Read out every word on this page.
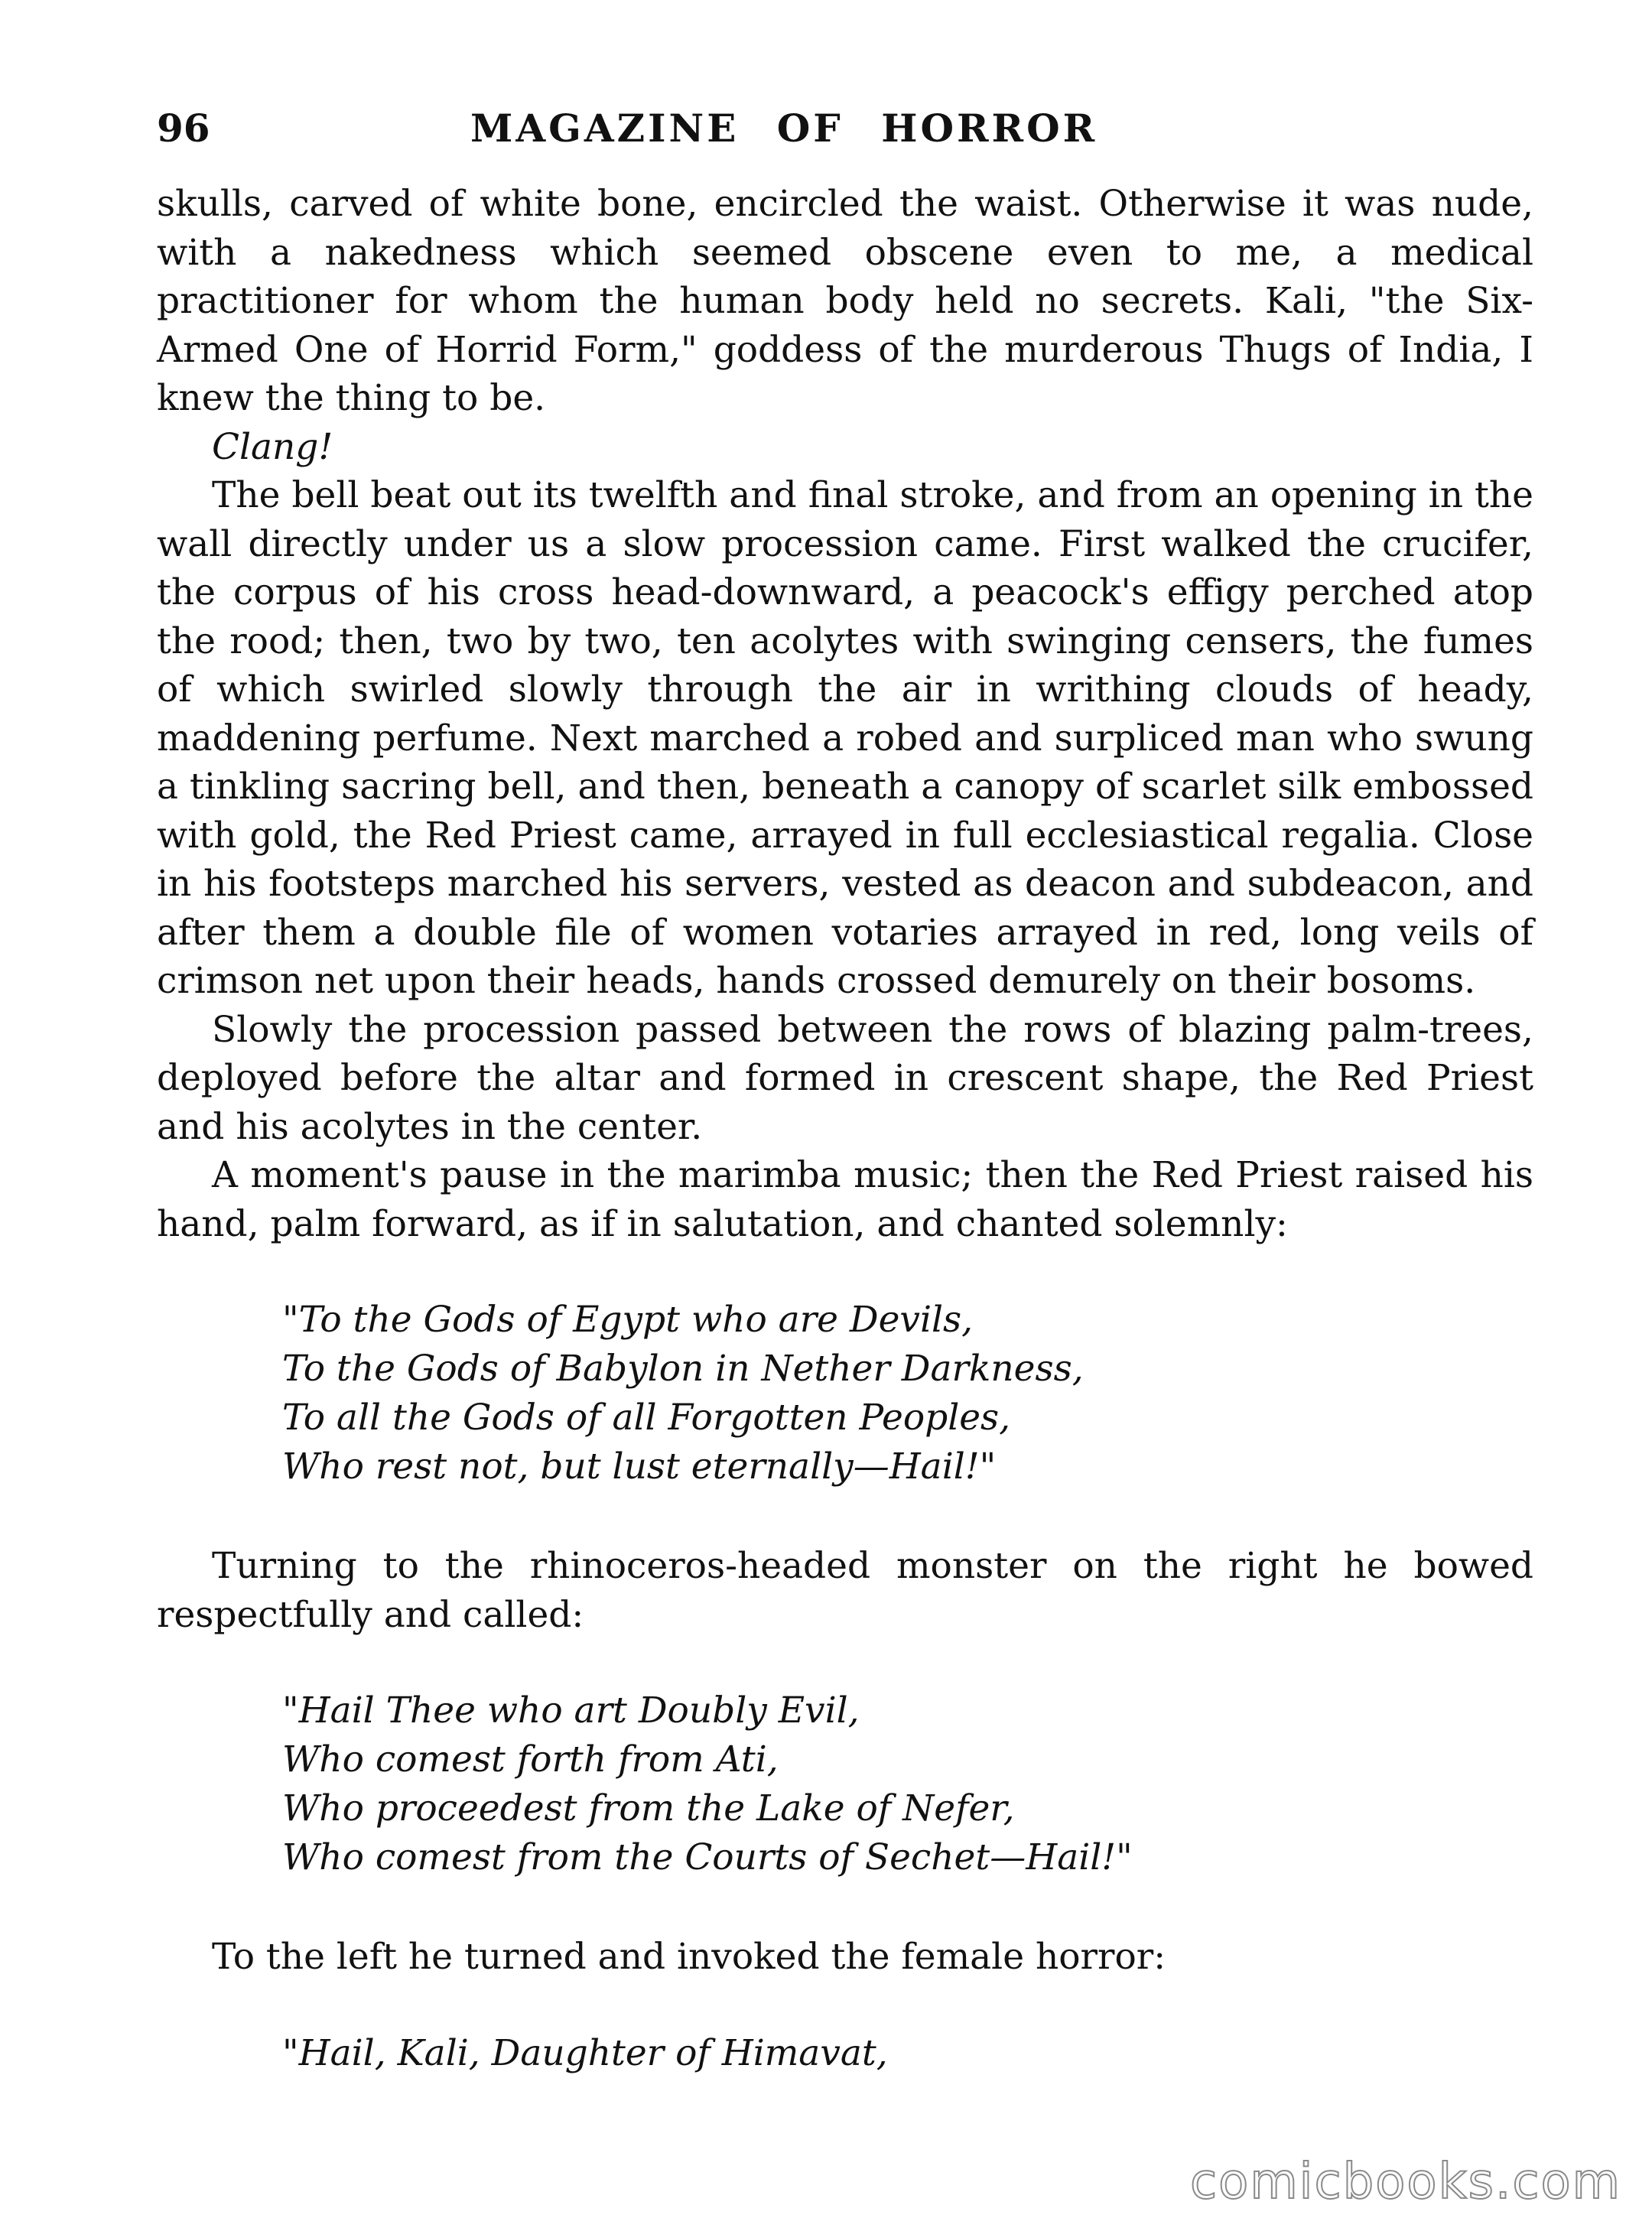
96	MAGAZINE OF HORROR

skulls, carved of white bone, encircled the waist. Otherwise it was nude, with a nakedness which seemed obscene even to me, a medical practitioner for whom the human body held no secrets. Kali, "the Six-Armed One of Horrid Form," goddess of the murderous Thugs of India, I knew the thing to be.

Clang!

The bell beat out its twelfth and final stroke, and from an opening in the wall directly under us a slow procession came. First walked the crucifer, the corpus of his cross head-downward, a peacock's effigy perched atop the rood; then, two by two, ten acolytes with swinging censers, the fumes of which swirled slowly through the air in writhing clouds of heady, maddening perfume. Next marched a robed and surpliced man who swung a tinkling sacring bell, and then, beneath a canopy of scarlet silk embossed with gold, the Red Priest came, arrayed in full ecclesiastical regalia. Close in his footsteps marched his servers, vested as deacon and subdeacon, and after them a double file of women votaries arrayed in red, long veils of crimson net upon their heads, hands crossed demurely on their bosoms.

Slowly the procession passed between the rows of blazing palm-trees, deployed before the altar and formed in crescent shape, the Red Priest and his acolytes in the center.

A moment's pause in the marimba music; then the Red Priest raised his hand, palm forward, as if in salutation, and chanted solemnly:

"To the Gods of Egypt who are Devils,
To the Gods of Babylon in Nether Darkness,
To all the Gods of all Forgotten Peoples,
Who rest not, but lust eternally—Hail!"

Turning to the rhinoceros-headed monster on the right he bowed respectfully and called:

"Hail Thee who art Doubly Evil,
Who comest forth from Ati,
Who proceedest from the Lake of Nefer,
Who comest from the Courts of Sechet—Hail!"

To the left he turned and invoked the female horror:

"Hail, Kali, Daughter of Himavat,
comicbooks.com
